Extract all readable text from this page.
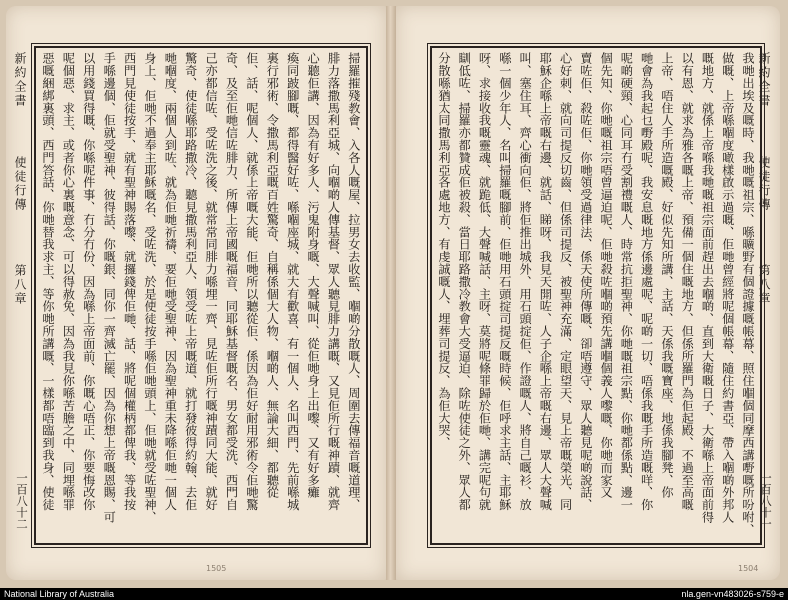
新約全書
使徒行傳
第八章
一百八十二	掃羅摧殘教會、入各人嘅屋、拉男女去收監、嗰啲分散嘅人、周圍去傳福音嘅道理、
腓力落撒馬利亞城、向嗰啲人傳基督、眾人聽見腓力講嘅、又見佢所行嘅神蹟、就齊
心聽佢講、因為有好多人、污鬼附身嘅、大聲喊叫、從佢哋身上出嚟、又有好多癱
瘓同跛腳嘅、都得醫好咗、喺嗰座城、就大有歡喜、有一個人、名叫西門、先前喺城
裏行邪術、令撒馬利亞嘅百姓驚奇、自稱係個大人物、嗰啲人、無論大細、都聽從
佢、話、呢個人、就係上帝嘅大能、佢哋所以聽從佢、係因為佢好耐用邪術令佢哋驚
奇、及至佢哋信咗腓力、所傳上帝國嘅福音、同耶穌基督嘅名、男女都受洗、西門自
己亦都信咗、受咗洗之後、就常常同腓力喺埋一齊、見咗佢所行嘅神蹟同大能、就好
驚奇、使徒喺耶路撒冷、聽見撒馬利亞人、領受咗上帝嘅道、就打發彼得約翰、去佢
哋嗰度、兩個人到咗、就為佢哋祈禱、要佢哋受聖神、因為聖神重未降喺佢哋一個人
身上、佢哋不過奉主耶穌嘅名、受咗洗、於是使徒按手喺佢哋頭上、佢哋就受咗聖神、
西門見使徒按手、就有聖神賜落嚟、就攞錢俾佢哋、話、將呢個權柄都俾我、等我按
手喺邊個、佢就受聖神、彼得話、你嘅銀、同你一齊滅亡罷、因為你想上帝嘅恩賜、可
以用錢買得嘅、你喺呢件事、冇分冇份、因為喺上帝面前、你嘅心唔正、你要悔改你
呢個惡、求主、或者你心裏嘅意念、可以得赦免、因為我見你喺苦膽之中、同埋喺罪
惡嘅綑綁裏頭、西門答話、你哋替我求主、等你哋所講嘅、一樣都唔臨到我身、使徒
1505
新約全書
使徒行傳
第八章
一百八十一
我哋出埃及嘅時、我哋嘅祖宗、喺曠野有個證據嘅帳幕、照住嗰個同摩西講嘢嘅所吩咐、
做嘅、上帝喺嗰度噉樣啟示過嘅、佢哋曾經將呢個帳幕、隨住約書亞、帶入嗰啲外邦人
嘅地方、就係上帝喺我哋嘅祖宗面前趕出去嗰啲、直到大衛嘅日子、大衛喺上帝面前得
以有恩、就求為雅各嘅上帝、預備一個住嘅地方、但係所羅門為佢起殿、不過至高嘅
上帝、唔住人手所造嘅殿、好似先知所講、主話、天係我嘅寶座、地係我腳凳、你
哋會為我起乜嘢殿呢、我安息嘅地方係邊處呢、呢啲一切、唔係我嘅手所造嘅咩、你
呢啲硬頸、心同耳冇受割禮嘅人、時常抗拒聖神、你哋嘅祖宗點、你哋都係點、邊一
個先知、你哋嘅祖宗唔曾逼迫呢、佢哋殺咗嗰啲預先講嗰個義人嚟嘅、你哋而家又
賣咗佢、殺咗佢、你哋領受過律法、係天使所傳嘅、卻唔遵守、眾人聽見呢啲說話、
心好刺、就向司提反切齒、但係司提反、被聖神充滿、定眼望天、見上帝嘅榮光、同
耶穌企喺上帝嘅右邊、就話、睇呀、我見天開咗、人子企喺上帝嘅右邊、眾人大聲喊
叫、塞住耳、齊心衝向佢、將佢推出城外、用石頭掟佢、作證嘅人、將自己嘅衫、放
喺一個少年人、名叫掃羅嘅腳前、佢哋用石頭掟司提反嘅時候、佢呼求主話、主耶穌
呀、求接收我嘅靈魂、就跪低、大聲喊話、主呀、莫將呢條罪歸於佢哋、講完呢句就
瞓低咗、掃羅亦都贊成佢被殺、當日耶路撒冷教會大受逼迫、除咗使徒之外、眾人都
分散喺猶太同撒馬利亞各處地方、有虔誠嘅人、埋葬司提反、為佢大哭、
1504
National Library of Australia	nla.gen-vn483026-s759-e
